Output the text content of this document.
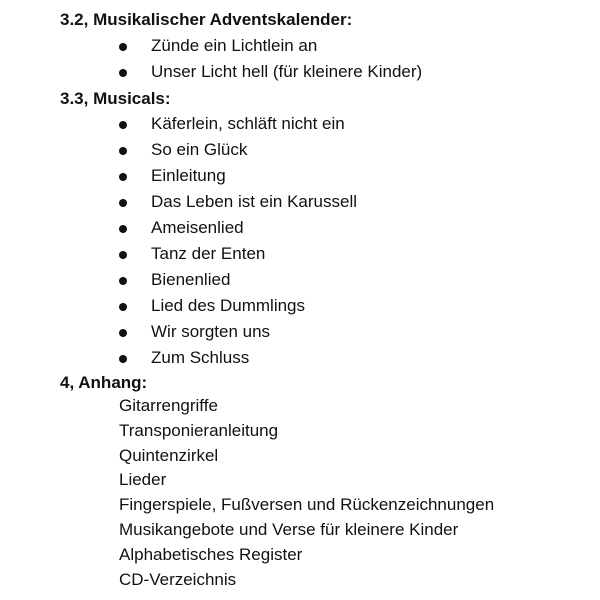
3.2, Musikalischer Adventskalender:
Zünde ein Lichtlein an
Unser Licht hell (für kleinere Kinder)
3.3, Musicals:
Käferlein, schläft nicht ein
So ein Glück
Einleitung
Das Leben ist ein Karussell
Ameisenlied
Tanz der Enten
Bienenlied
Lied des Dummlings
Wir sorgten uns
Zum Schluss
4, Anhang:
Gitarrengriffe
Transponieranleitung
Quintenzirkel
Lieder
Fingerspiele, Fußversen und Rückenzeichnungen
Musikangebote und Verse für kleinere Kinder
Alphabetisches Register
CD-Verzeichnis
